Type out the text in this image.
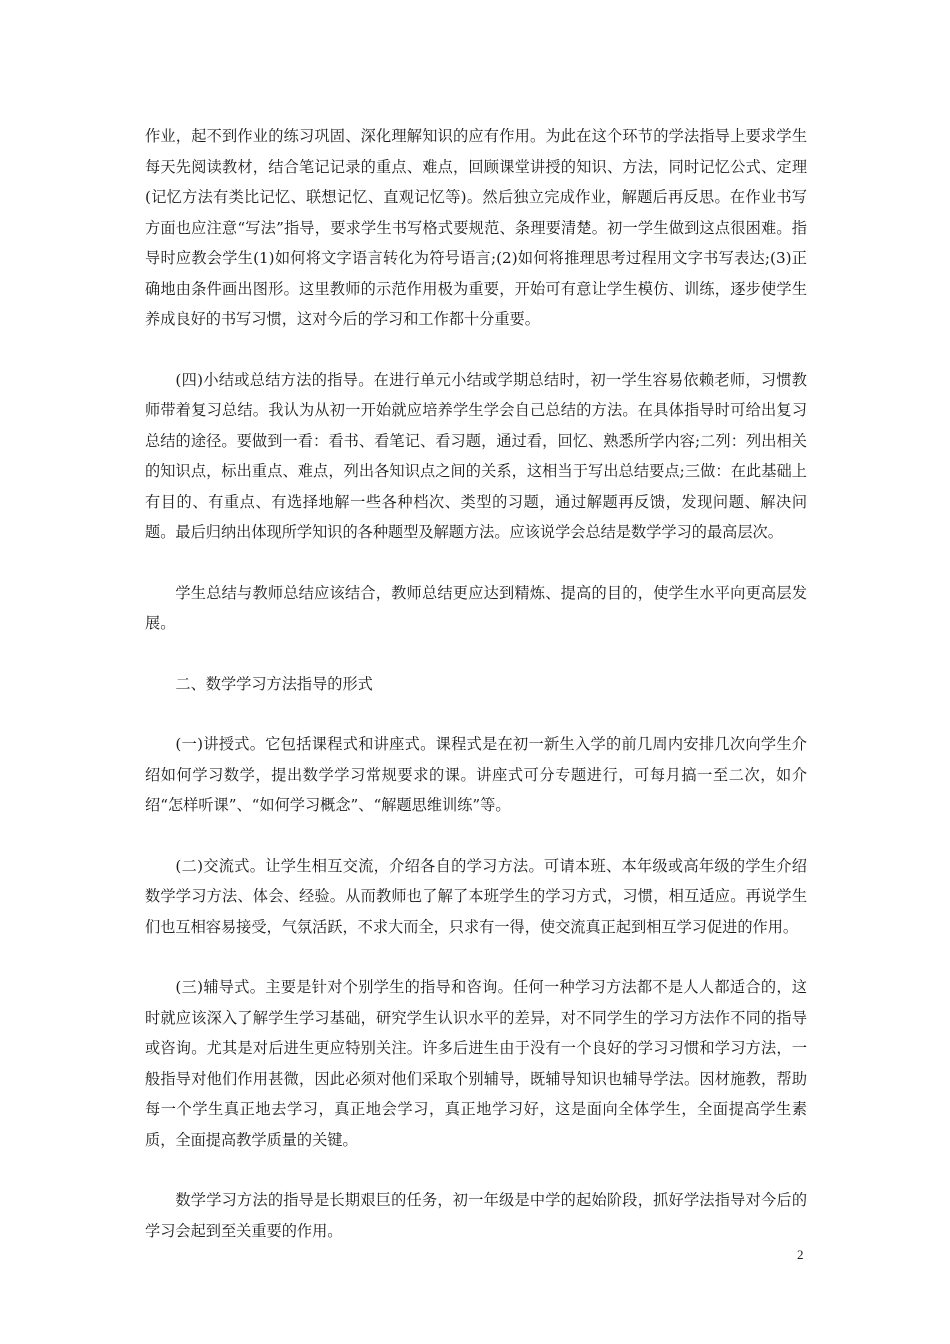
作业，起不到作业的练习巩固、深化理解知识的应有作用。为此在这个环节的学法指导上要求学生每天先阅读教材，结合笔记记录的重点、难点，回顾课堂讲授的知识、方法，同时记忆公式、定理(记忆方法有类比记忆、联想记忆、直观记忆等)。然后独立完成作业，解题后再反思。在作业书写方面也应注意“写法”指导，要求学生书写格式要规范、条理要清楚。初一学生做到这点很困难。指导时应教会学生(1)如何将文字语言转化为符号语言;(2)如何将推理思考过程用文字书写表达;(3)正确地由条件画出图形。这里教师的示范作用极为重要，开始可有意让学生模仿、训练，逐步使学生养成良好的书写习惯，这对今后的学习和工作都十分重要。

(四)小结或总结方法的指导。在进行单元小结或学期总结时，初一学生容易依赖老师，习惯教师带着复习总结。我认为从初一开始就应培养学生学会自己总结的方法。在具体指导时可给出复习总结的途径。要做到一看：看书、看笔记、看习题，通过看，回忆、熟悉所学内容;二列：列出相关的知识点，标出重点、难点，列出各知识点之间的关系，这相当于写出总结要点;三做：在此基础上有目的、有重点、有选择地解一些各种档次、类型的习题，通过解题再反馈，发现问题、解决问题。最后归纳出体现所学知识的各种题型及解题方法。应该说学会总结是数学学习的最高层次。

学生总结与教师总结应该结合，教师总结更应达到精炼、提高的目的，使学生水平向更高层发展。

二、数学学习方法指导的形式

(一)讲授式。它包括课程式和讲座式。课程式是在初一新生入学的前几周内安排几次向学生介绍如何学习数学，提出数学学习常规要求的课。讲座式可分专题进行，可每月搞一至二次，如介绍“怎样听课”、“如何学习概念”、“解题思维训练”等。

(二)交流式。让学生相互交流，介绍各自的学习方法。可请本班、本年级或高年级的学生介绍数学学习方法、体会、经验。从而教师也了解了本班学生的学习方式，习惯，相互适应。再说学生们也互相容易接受，气氛活跃，不求大而全，只求有一得，使交流真正起到相互学习促进的作用。

(三)辅导式。主要是针对个别学生的指导和咨询。任何一种学习方法都不是人人都适合的，这时就应该深入了解学生学习基础，研究学生认识水平的差异，对不同学生的学习方法作不同的指导或咨询。尤其是对后进生更应特别关注。许多后进生由于没有一个良好的学习习惯和学习方法，一般指导对他们作用甚微，因此必须对他们采取个别辅导，既辅导知识也辅导学法。因材施教，帮助每一个学生真正地去学习，真正地会学习，真正地学习好，这是面向全体学生，全面提高学生素质，全面提高教学质量的关键。

数学学习方法的指导是长期艰巨的任务，初一年级是中学的起始阶段，抓好学法指导对今后的学习会起到至关重要的作用。

2
